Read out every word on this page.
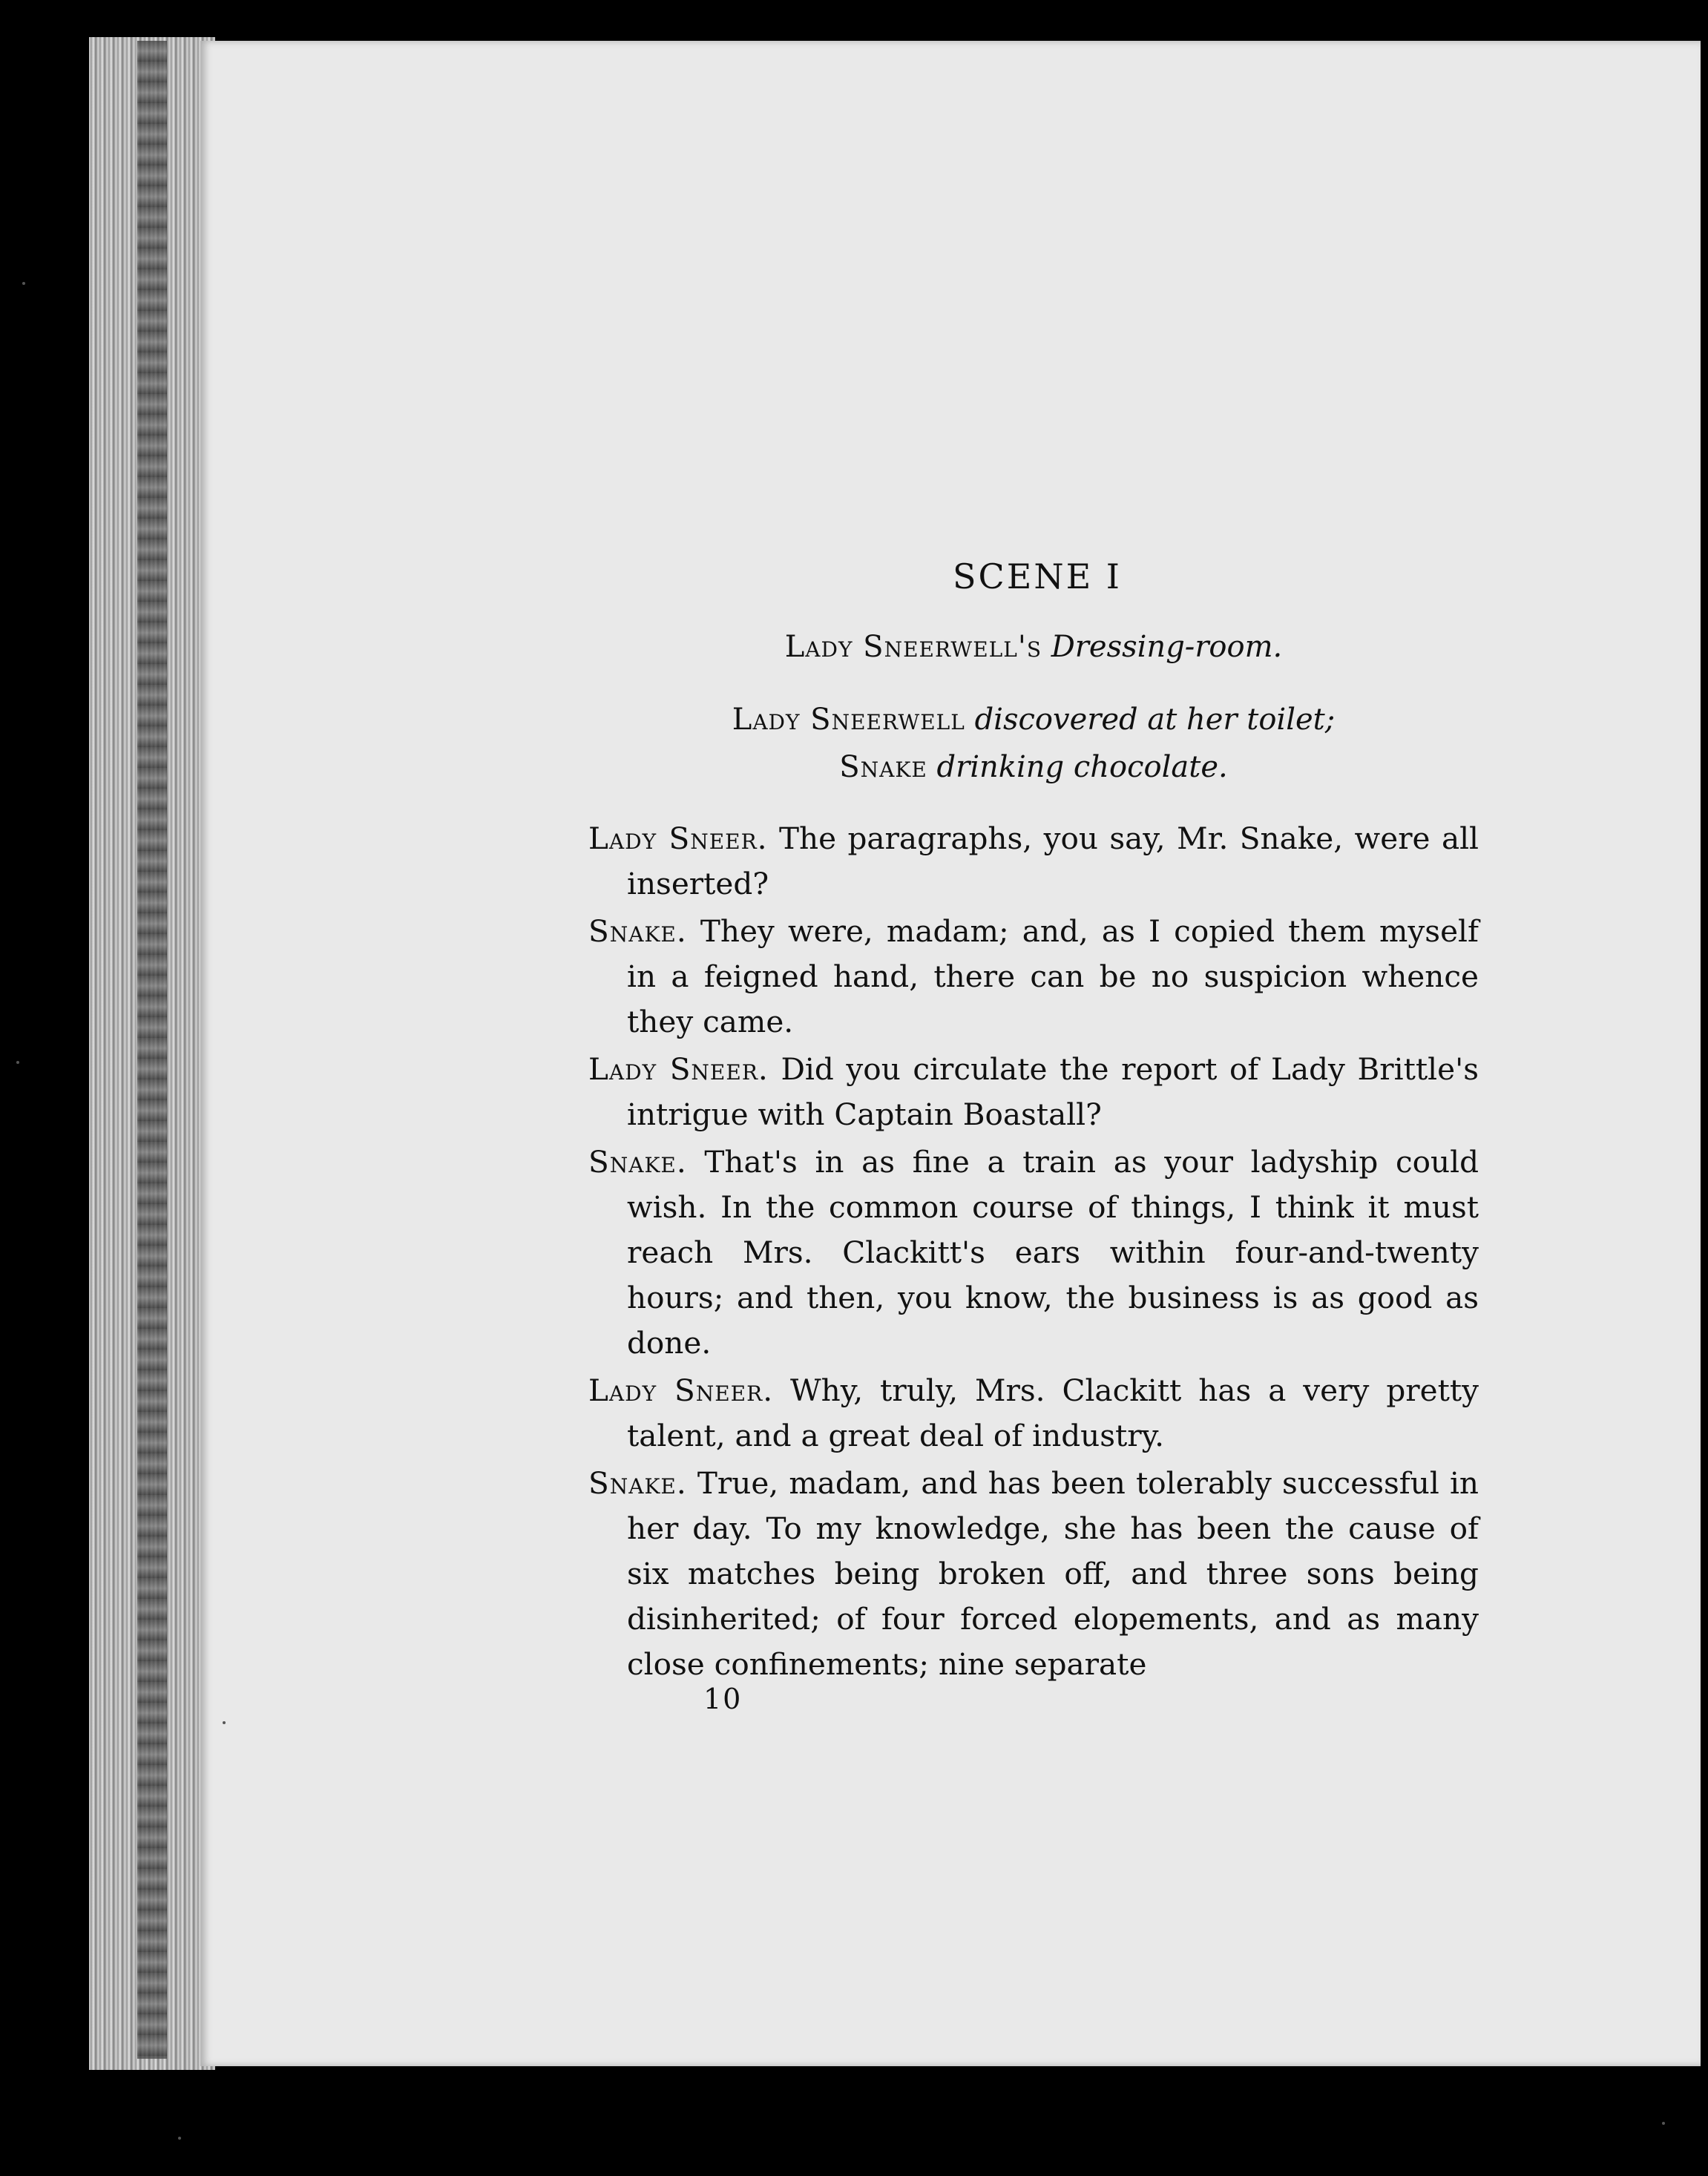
SCENE I
Lady Sneerwell's Dressing-room.
Lady Sneerwell discovered at her toilet;
Snake drinking chocolate.

Lady Sneer. The paragraphs, you say, Mr. Snake, were all inserted?

Snake. They were, madam; and, as I copied them myself in a feigned hand, there can be no suspicion whence they came.

Lady Sneer. Did you circulate the report of Lady Brittle's intrigue with Captain Boastall?

Snake. That's in as fine a train as your ladyship could wish. In the common course of things, I think it must reach Mrs. Clackitt's ears within four-and-twenty hours; and then, you know, the business is as good as done.

Lady Sneer. Why, truly, Mrs. Clackitt has a very pretty talent, and a great deal of industry.

Snake. True, madam, and has been tolerably successful in her day. To my knowledge, she has been the cause of six matches being broken off, and three sons being disinherited; of four forced elopements, and as many close confinements; nine separate

10
